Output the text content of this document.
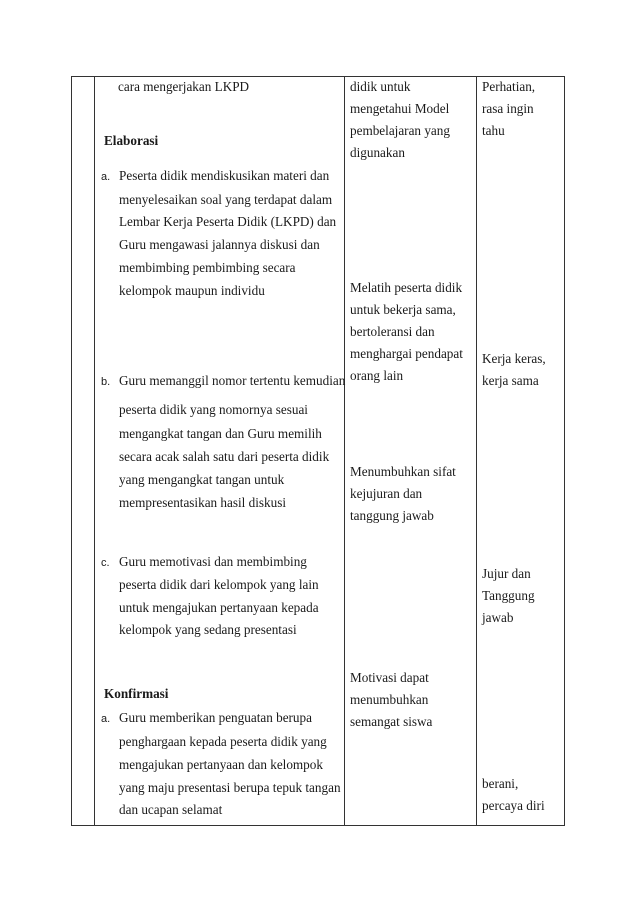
cara mengerjakan LKPD
Elaborasi
a. Peserta didik mendiskusikan materi dan
menyelesaikan soal yang terdapat dalam
Lembar Kerja Peserta Didik (LKPD) dan
Guru mengawasi jalannya diskusi dan
membimbing pembimbing secara
kelompok maupun individu
b. Guru memanggil nomor tertentu kemudian
peserta didik yang nomornya sesuai
mengangkat tangan dan Guru memilih
secara acak salah satu dari peserta didik
yang mengangkat tangan untuk
mempresentasikan hasil diskusi
c. Guru memotivasi dan membimbing
peserta didik dari kelompok yang lain
untuk mengajukan pertanyaan kepada
kelompok yang sedang presentasi
Konfirmasi
a. Guru memberikan penguatan berupa
penghargaan kepada peserta didik yang
mengajukan pertanyaan dan kelompok
yang maju presentasi berupa tepuk tangan
dan ucapan selamat
didik untuk
mengetahui Model
pembelajaran yang
digunakan
Melatih peserta didik
untuk bekerja sama,
bertoleransi dan
menghargai pendapat
orang lain
Menumbuhkan sifat
kejujuran dan
tanggung jawab
Motivasi dapat
menumbuhkan
semangat siswa
Perhatian,
rasa ingin
tahu
Kerja keras,
kerja sama
Jujur dan
Tanggung
jawab
berani,
percaya diri
